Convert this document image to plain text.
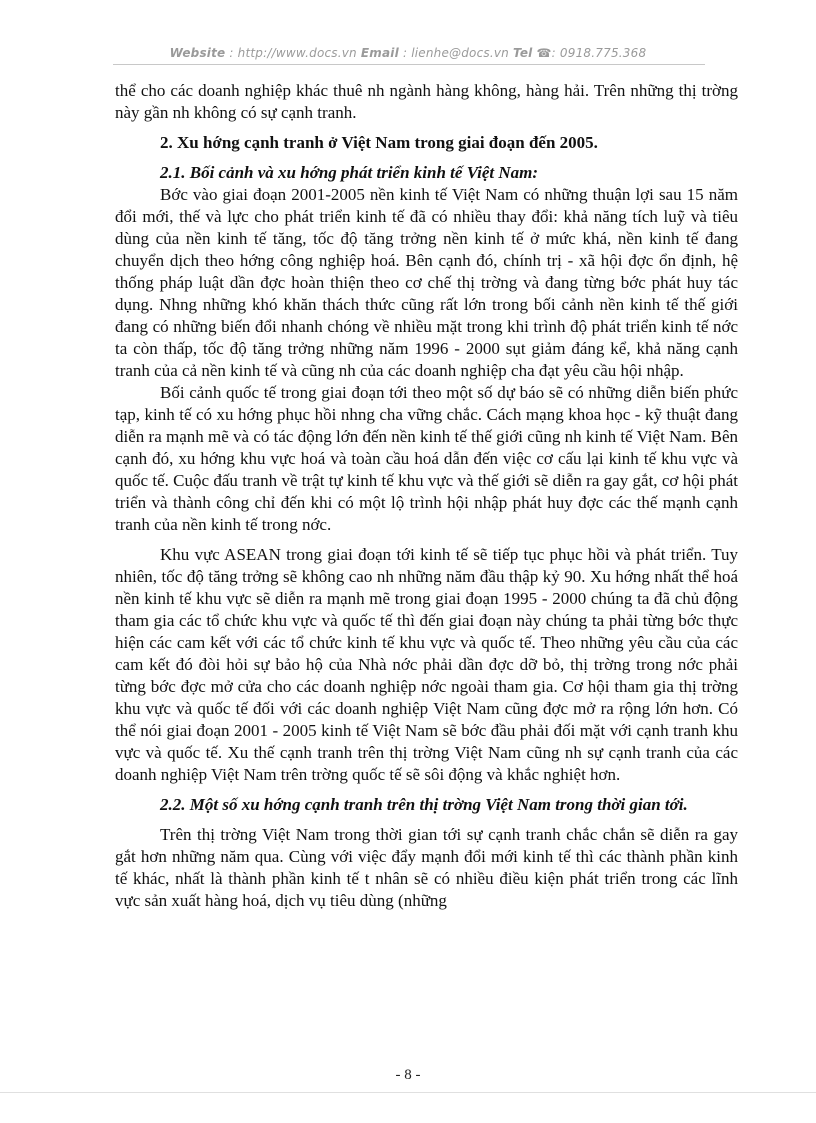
Website : http://www.docs.vn Email : lienhe@docs.vn Tel ☎: 0918.775.368

thể cho các doanh nghiệp khác thuê nh ngành hàng không, hàng hải. Trên những thị trờng này gần nh không có sự cạnh tranh.

2. Xu hớng cạnh tranh ở Việt Nam trong giai đoạn đến 2005.
2.1. Bối cảnh và xu hớng phát triển kinh tế Việt Nam:

Bớc vào giai đoạn 2001-2005 nền kinh tế Việt Nam có những thuận lợi sau 15 năm đổi mới, thế và lực cho phát triển kinh tế đã có nhiều thay đổi: khả năng tích luỹ và tiêu dùng của nền kinh tế tăng, tốc độ tăng trởng nền kinh tế ở mức khá, nền kinh tế đang chuyển dịch theo hớng công nghiệp hoá. Bên cạnh đó, chính trị - xã hội đợc ổn định, hệ thống pháp luật dần đợc hoàn thiện theo cơ chế thị trờng và đang từng bớc phát huy tác dụng. Nhng những khó khăn thách thức cũng rất lớn trong bối cảnh nền kinh tế thế giới đang có những biến đổi nhanh chóng về nhiều mặt trong khi trình độ phát triển kinh tế nớc ta còn thấp, tốc độ tăng trởng những năm 1996 - 2000 sụt giảm đáng kể, khả năng cạnh tranh của cả nền kinh tế và cũng nh của các doanh nghiệp cha đạt yêu cầu hội nhập.

Bối cảnh quốc tế trong giai đoạn tới theo một số dự báo sẽ có những diễn biến phức tạp, kinh tế có xu hớng phục hồi nhng cha vững chắc. Cách mạng khoa học - kỹ thuật đang diễn ra mạnh mẽ và có tác động lớn đến nền kinh tế thế giới cũng nh kinh tế Việt Nam. Bên cạnh đó, xu hớng khu vực hoá và toàn cầu hoá dẫn đến việc cơ cấu lại kinh tế khu vực và quốc tế. Cuộc đấu tranh về trật tự kinh tế khu vực và thế giới sẽ diễn ra gay gắt, cơ hội phát triển và thành công chỉ đến khi có một lộ trình hội nhập phát huy đợc các thế mạnh cạnh tranh của nền kinh tế trong nớc.

Khu vực ASEAN trong giai đoạn tới kinh tế sẽ tiếp tục phục hồi và phát triển. Tuy nhiên, tốc độ tăng trởng sẽ không cao nh những năm đầu thập kỷ 90. Xu hớng nhất thể hoá nền kinh tế khu vực sẽ diễn ra mạnh mẽ trong giai đoạn 1995 - 2000 chúng ta đã chủ động tham gia các tổ chức khu vực và quốc tế thì đến giai đoạn này chúng ta phải từng bớc thực hiện các cam kết với các tổ chức kinh tế khu vực và quốc tế. Theo những yêu cầu của các cam kết đó đòi hỏi sự bảo hộ của Nhà nớc phải dần đợc dỡ bỏ, thị trờng trong nớc phải từng bớc đợc mở cửa cho các doanh nghiệp nớc ngoài tham gia. Cơ hội tham gia thị trờng khu vực và quốc tế đối với các doanh nghiệp Việt Nam cũng đợc mở ra rộng lớn hơn. Có thể nói giai đoạn 2001 - 2005 kinh tế Việt Nam sẽ bớc đầu phải đối mặt với cạnh tranh khu vực và quốc tế. Xu thế cạnh tranh trên thị trờng Việt Nam cũng nh sự cạnh tranh của các doanh nghiệp Việt Nam trên trờng quốc tế sẽ sôi động và khắc nghiệt hơn.

2.2. Một số xu hớng cạnh tranh trên thị trờng Việt Nam trong thời gian tới.

Trên thị trờng Việt Nam trong thời gian tới sự cạnh tranh chắc chắn sẽ diễn ra gay gắt hơn những năm qua. Cùng với việc đẩy mạnh đổi mới kinh tế thì các thành phần kinh tế khác, nhất là thành phần kinh tế t nhân sẽ có nhiều điều kiện phát triển trong các lĩnh vực sản xuất hàng hoá, dịch vụ tiêu dùng (những

- 8 -
